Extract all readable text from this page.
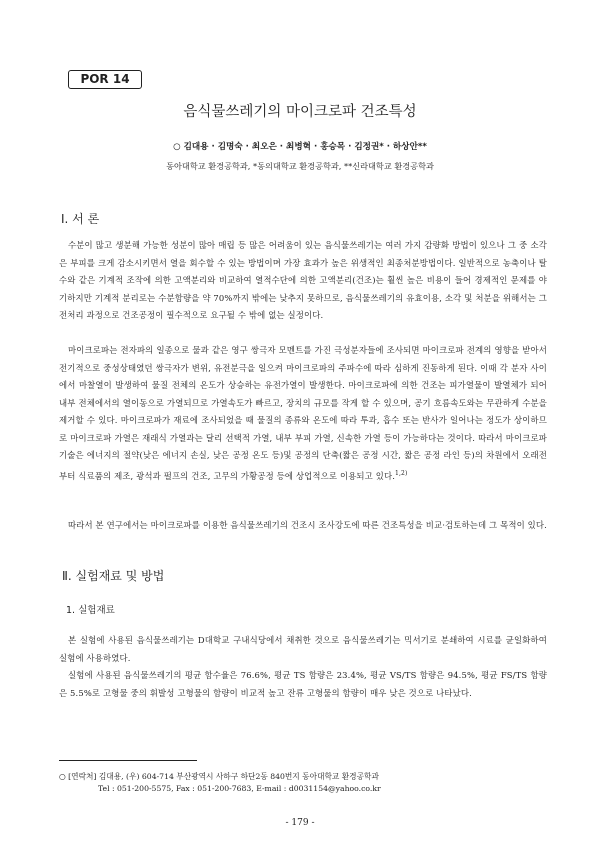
POR 14
음식물쓰레기의 마이크로파 건조특성
○ 김대용 · 김명숙 · 최오은 · 최병혁 · 홍승목 · 김정권* · 하상안**
동아대학교 환경공학과, *동의대학교 환경공학과, **신라대학교 환경공학과
Ⅰ. 서 론
수분이 많고 생분해 가능한 성분이 많아 매립 등 많은 어려움이 있는 음식물쓰레기는 여러 가지 감량화 방법이 있으나 그 중 소각은 부피를 크게 감소시키면서 열을 회수할 수 있는 방법이며 가장 효과가 높은 위생적인 최종처분방법이다. 일반적으로 농축이나 탈수와 같은 기계적 조작에 의한 고액분리와 비교하여 열적수단에 의한 고액분리(건조)는 훨씬 높은 비용이 들어 경제적인 문제를 야기하지만 기계적 분리로는 수분함량을 약 70%까지 밖에는 낮추지 못하므로, 음식물쓰레기의 유효이용, 소각 및 처분을 위해서는 그 전처리 과정으로 건조공정이 필수적으로 요구될 수 밖에 없는 실정이다.
마이크로파는 전자파의 일종으로 물과 같은 영구 쌍극자 모멘트를 가진 극성분자들에 조사되면 마이크로파 전계의 영향을 받아서 전기적으로 중성상태였던 쌍극자가 변위, 유전분극을 일으켜 마이크로파의 주파수에 따라 심하게 진동하게 된다. 이때 각 분자 사이에서 마찰열이 발생하여 물질 전체의 온도가 상승하는 유전가열이 발생한다. 마이크로파에 의한 건조는 피가열물이 발열체가 되어 내부 전체에서의 열이동으로 가열되므로 가열속도가 빠르고, 장치의 규모를 작게 할 수 있으며, 공기 흐름속도와는 무관하게 수분을 제거할 수 있다. 마이크로파가 재료에 조사되었을 때 물질의 종류와 온도에 따라 투과, 흡수 또는 반사가 일어나는 정도가 상이하므로 마이크로파 가열은 재래식 가열과는 달리 선택적 가열, 내부 부피 가열, 신속한 가열 등이 가능하다는 것이다. 따라서 마이크로파 기술은 에너지의 절약(낮은 에너지 손실, 낮은 공정 온도 등)및 공정의 단축(짧은 공정 시간, 짧은 공정 라인 등)의 차원에서 오래전부터 식료품의 제조, 광석과 펄프의 건조, 고무의 가황공정 등에 상업적으로 이용되고 있다.$^{1,2)}$
따라서 본 연구에서는 마이크로파를 이용한 음식물쓰레기의 건조시 조사강도에 따른 건조특성을 비교·검토하는데 그 목적이 있다.
Ⅱ. 실험재료 및 방법
1. 실험재료
본 실험에 사용된 음식물쓰레기는 D대학교 구내식당에서 채취한 것으로 음식물쓰레기는 믹서기로 분쇄하여 시료를 균일화하여 실험에 사용하였다.
실험에 사용된 음식물쓰레기의 평균 함수율은 76.6%, 평균 TS 함량은 23.4%, 평균 VS/TS 함량은 94.5%, 평균 FS/TS 함량은 5.5%로 고형물 중의 휘발성 고형물의 함량이 비교적 높고 잔류 고형물의 함량이 매우 낮은 것으로 나타났다.
○ [연락처] 김대용, (우) 604-714 부산광역시 사하구 하단2동 840번지 동아대학교 환경공학과
Tel : 051-200-5575, Fax : 051-200-7683, E-mail : d0031154@yahoo.co.kr
- 179 -
